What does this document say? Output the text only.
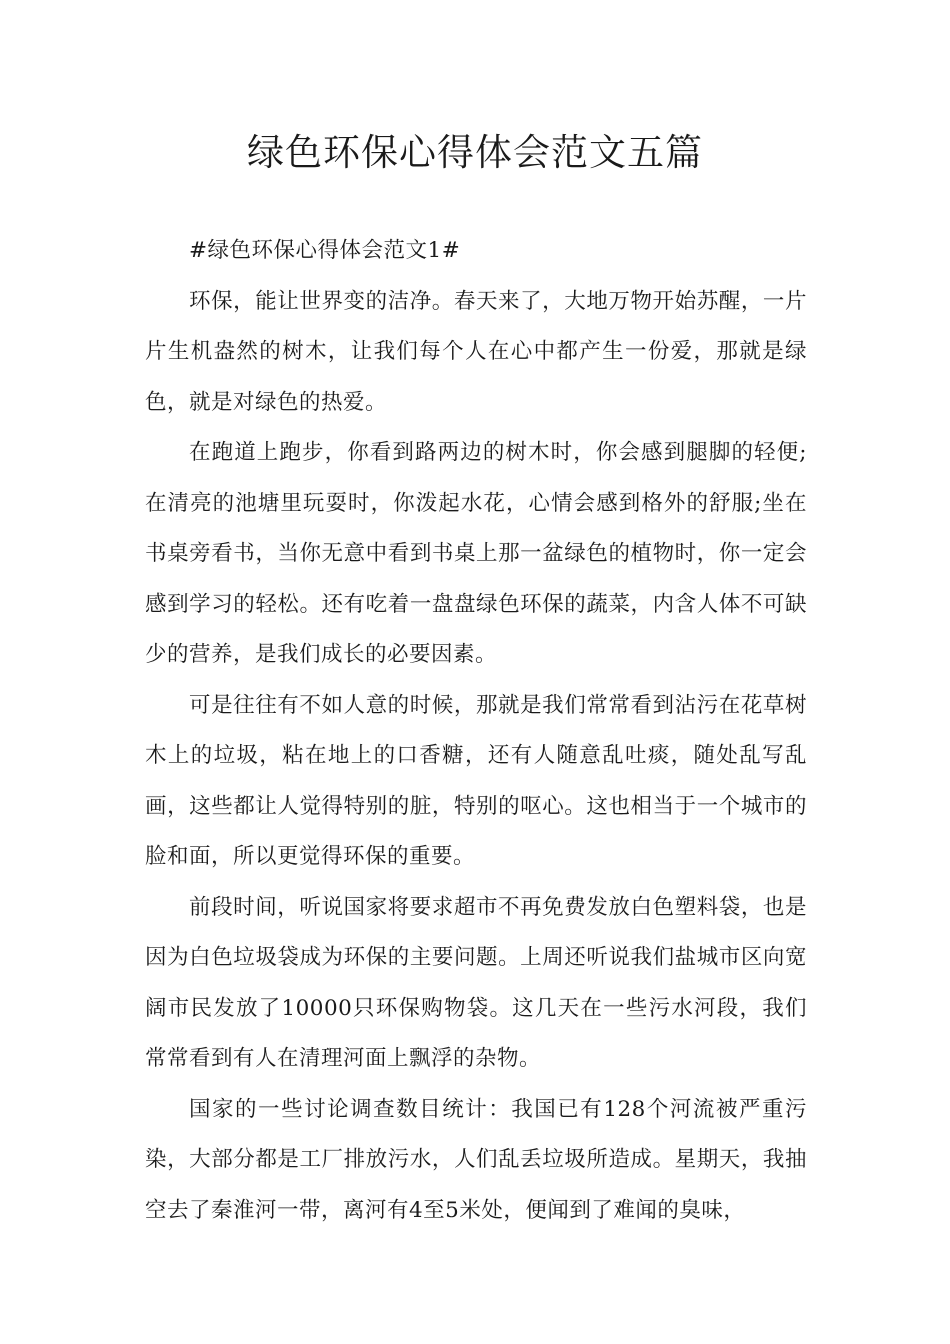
绿色环保心得体会范文五篇

#绿色环保心得体会范文1#

环保，能让世界变的洁净。春天来了，大地万物开始苏醒，一片片生机盎然的树木，让我们每个人在心中都产生一份爱，那就是绿色，就是对绿色的热爱。

在跑道上跑步，你看到路两边的树木时，你会感到腿脚的轻便;在清亮的池塘里玩耍时，你泼起水花，心情会感到格外的舒服;坐在书桌旁看书，当你无意中看到书桌上那一盆绿色的植物时，你一定会感到学习的轻松。还有吃着一盘盘绿色环保的蔬菜，内含人体不可缺少的营养，是我们成长的必要因素。

可是往往有不如人意的时候，那就是我们常常看到沾污在花草树木上的垃圾，粘在地上的口香糖，还有人随意乱吐痰，随处乱写乱画，这些都让人觉得特别的脏，特别的呕心。这也相当于一个城市的脸和面，所以更觉得环保的重要。

前段时间，听说国家将要求超市不再免费发放白色塑料袋，也是因为白色垃圾袋成为环保的主要问题。上周还听说我们盐城市区向宽阔市民发放了10000只环保购物袋。这几天在一些污水河段，我们常常看到有人在清理河面上飘浮的杂物。

国家的一些讨论调查数目统计：我国已有128个河流被严重污染，大部分都是工厂排放污水，人们乱丢垃圾所造成。星期天，我抽空去了秦淮河一带，离河有4至5米处，便闻到了难闻的臭味，
